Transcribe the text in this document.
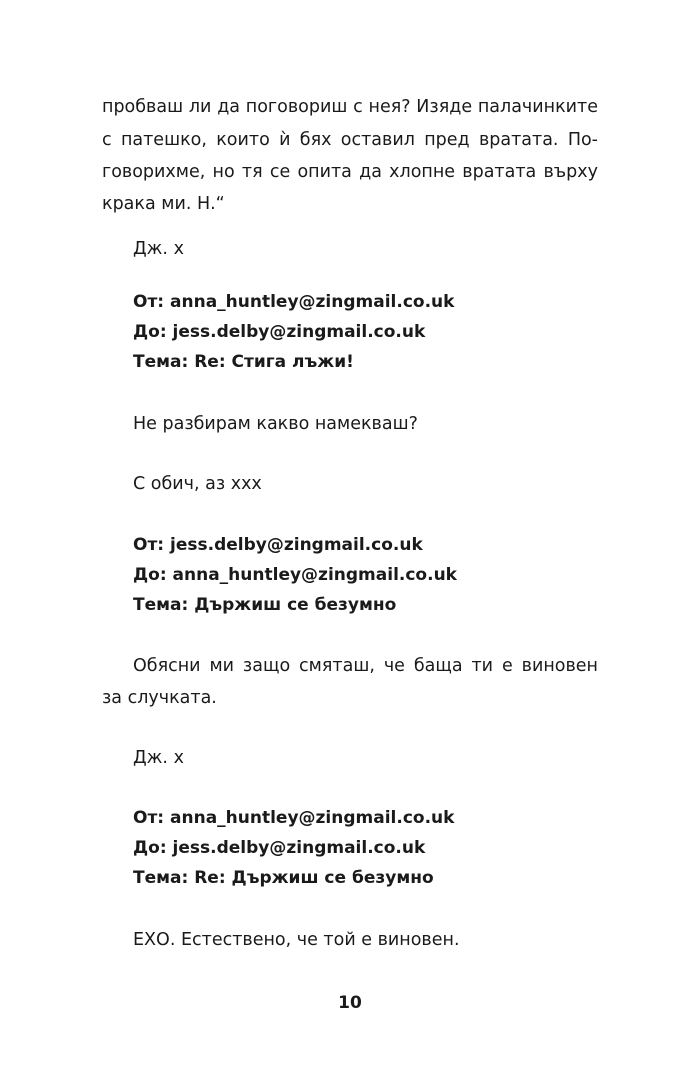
пробваш ли да поговориш с нея? Изяде палачинките
с патешко, които ѝ бях оставил пред вратата. По-
говорихме, но тя се опита да хлопне вратата върху
крака ми. Н.“
Дж. х
От: anna_huntley@zingmail.co.uk
До: jess.delby@zingmail.co.uk
Тема: Re: Стига лъжи!
Не разбирам какво намекваш?
С обич, аз ххх
От: jess.delby@zingmail.co.uk
До: anna_huntley@zingmail.co.uk
Тема: Държиш се безумно
Обясни ми защо смяташ, че баща ти е виновен
за случката.
Дж. х
От: anna_huntley@zingmail.co.uk
До: jess.delby@zingmail.co.uk
Тема: Re: Държиш се безумно
ЕХО. Естествено, че той е виновен.
10
